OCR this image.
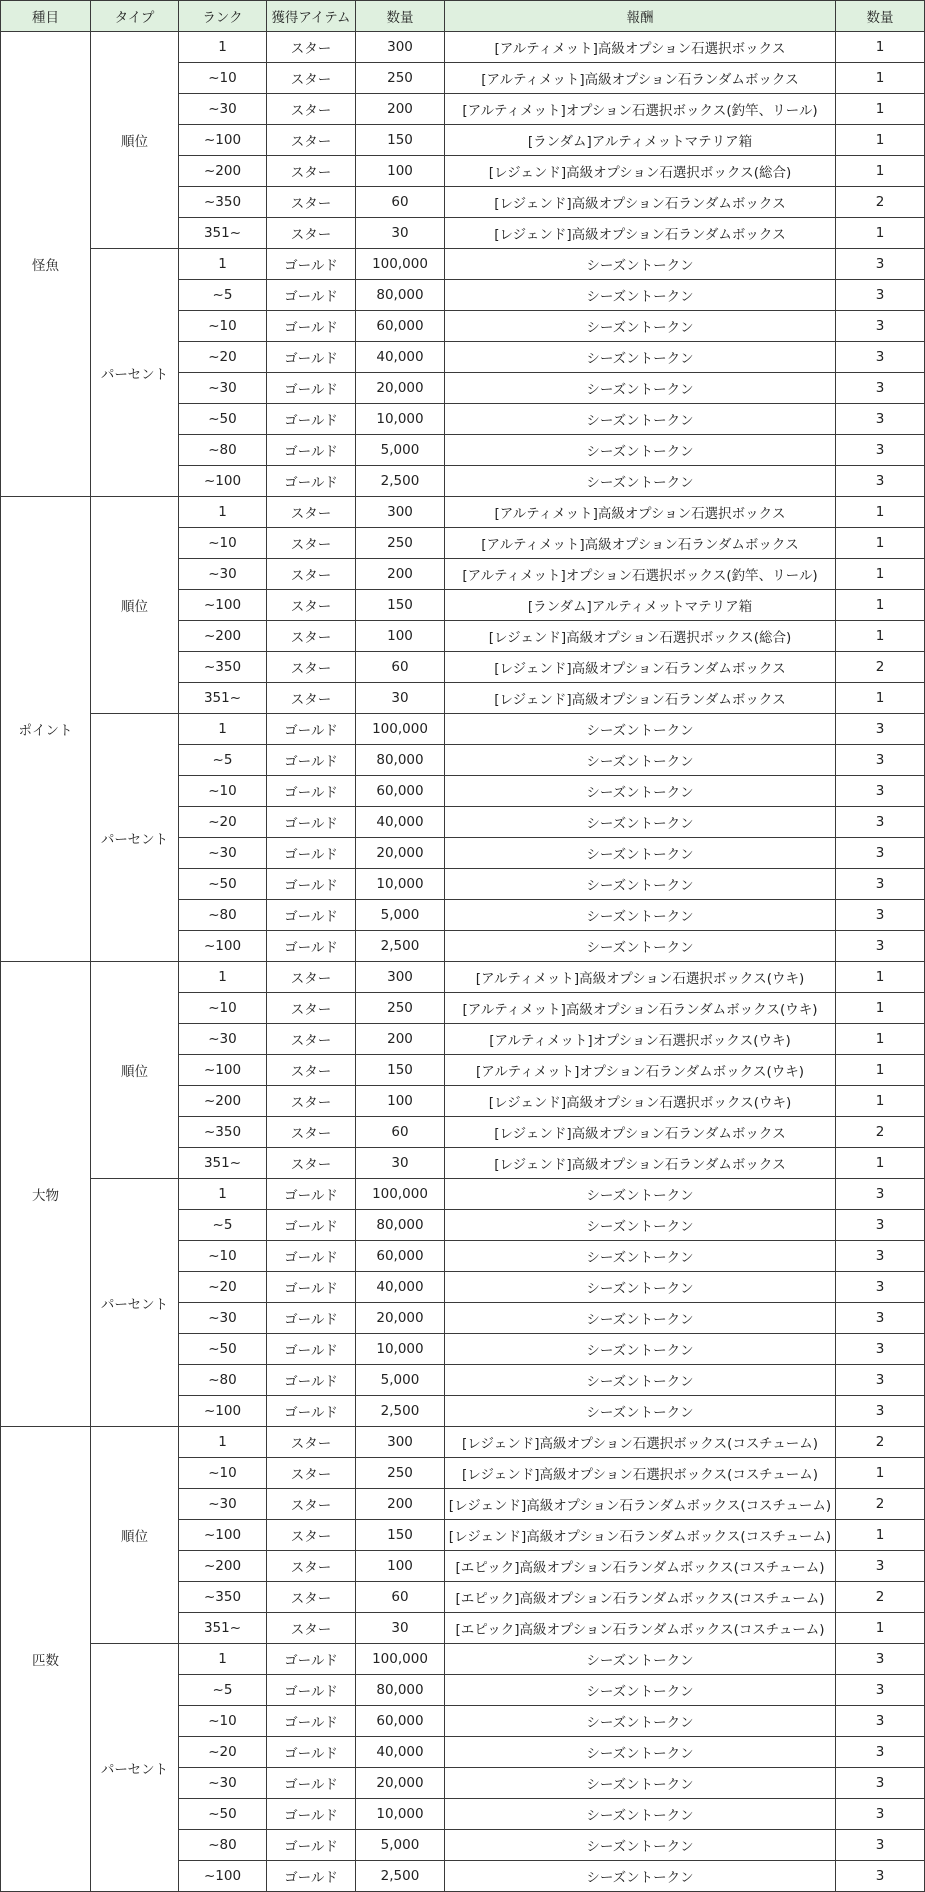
種目	タイプ	ランク	獲得アイテム	数量	報酬	数量
怪魚	順位	1	スター	300	[アルティメット]高級オプション石選択ボックス	1
		~10	スター	250	[アルティメット]高級オプション石ランダムボックス	1
		~30	スター	200	[アルティメット]オプション石選択ボックス(釣竿、リール)	1
		~100	スター	150	[ランダム]アルティメットマテリア箱	1
		~200	スター	100	[レジェンド]高級オプション石選択ボックス(総合)	1
		~350	スター	60	[レジェンド]高級オプション石ランダムボックス	2
		351~	スター	30	[レジェンド]高級オプション石ランダムボックス	1
	パーセント	1	ゴールド	100,000	シーズントークン	3
		~5	ゴールド	80,000	シーズントークン	3
		~10	ゴールド	60,000	シーズントークン	3
		~20	ゴールド	40,000	シーズントークン	3
		~30	ゴールド	20,000	シーズントークン	3
		~50	ゴールド	10,000	シーズントークン	3
		~80	ゴールド	5,000	シーズントークン	3
		~100	ゴールド	2,500	シーズントークン	3
ポイント	順位	1	スター	300	[アルティメット]高級オプション石選択ボックス	1
		~10	スター	250	[アルティメット]高級オプション石ランダムボックス	1
		~30	スター	200	[アルティメット]オプション石選択ボックス(釣竿、リール)	1
		~100	スター	150	[ランダム]アルティメットマテリア箱	1
		~200	スター	100	[レジェンド]高級オプション石選択ボックス(総合)	1
		~350	スター	60	[レジェンド]高級オプション石ランダムボックス	2
		351~	スター	30	[レジェンド]高級オプション石ランダムボックス	1
	パーセント	1	ゴールド	100,000	シーズントークン	3
		~5	ゴールド	80,000	シーズントークン	3
		~10	ゴールド	60,000	シーズントークン	3
		~20	ゴールド	40,000	シーズントークン	3
		~30	ゴールド	20,000	シーズントークン	3
		~50	ゴールド	10,000	シーズントークン	3
		~80	ゴールド	5,000	シーズントークン	3
		~100	ゴールド	2,500	シーズントークン	3
大物	順位	1	スター	300	[アルティメット]高級オプション石選択ボックス(ウキ)	1
		~10	スター	250	[アルティメット]高級オプション石ランダムボックス(ウキ)	1
		~30	スター	200	[アルティメット]オプション石選択ボックス(ウキ)	1
		~100	スター	150	[アルティメット]オプション石ランダムボックス(ウキ)	1
		~200	スター	100	[レジェンド]高級オプション石選択ボックス(ウキ)	1
		~350	スター	60	[レジェンド]高級オプション石ランダムボックス	2
		351~	スター	30	[レジェンド]高級オプション石ランダムボックス	1
	パーセント	1	ゴールド	100,000	シーズントークン	3
		~5	ゴールド	80,000	シーズントークン	3
		~10	ゴールド	60,000	シーズントークン	3
		~20	ゴールド	40,000	シーズントークン	3
		~30	ゴールド	20,000	シーズントークン	3
		~50	ゴールド	10,000	シーズントークン	3
		~80	ゴールド	5,000	シーズントークン	3
		~100	ゴールド	2,500	シーズントークン	3
匹数	順位	1	スター	300	[レジェンド]高級オプション石選択ボックス(コスチューム)	2
		~10	スター	250	[レジェンド]高級オプション石選択ボックス(コスチューム)	1
		~30	スター	200	[レジェンド]高級オプション石ランダムボックス(コスチューム)	2
		~100	スター	150	[レジェンド]高級オプション石ランダムボックス(コスチューム)	1
		~200	スター	100	[エピック]高級オプション石ランダムボックス(コスチューム)	3
		~350	スター	60	[エピック]高級オプション石ランダムボックス(コスチューム)	2
		351~	スター	30	[エピック]高級オプション石ランダムボックス(コスチューム)	1
	パーセント	1	ゴールド	100,000	シーズントークン	3
		~5	ゴールド	80,000	シーズントークン	3
		~10	ゴールド	60,000	シーズントークン	3
		~20	ゴールド	40,000	シーズントークン	3
		~30	ゴールド	20,000	シーズントークン	3
		~50	ゴールド	10,000	シーズントークン	3
		~80	ゴールド	5,000	シーズントークン	3
		~100	ゴールド	2,500	シーズントークン	3
